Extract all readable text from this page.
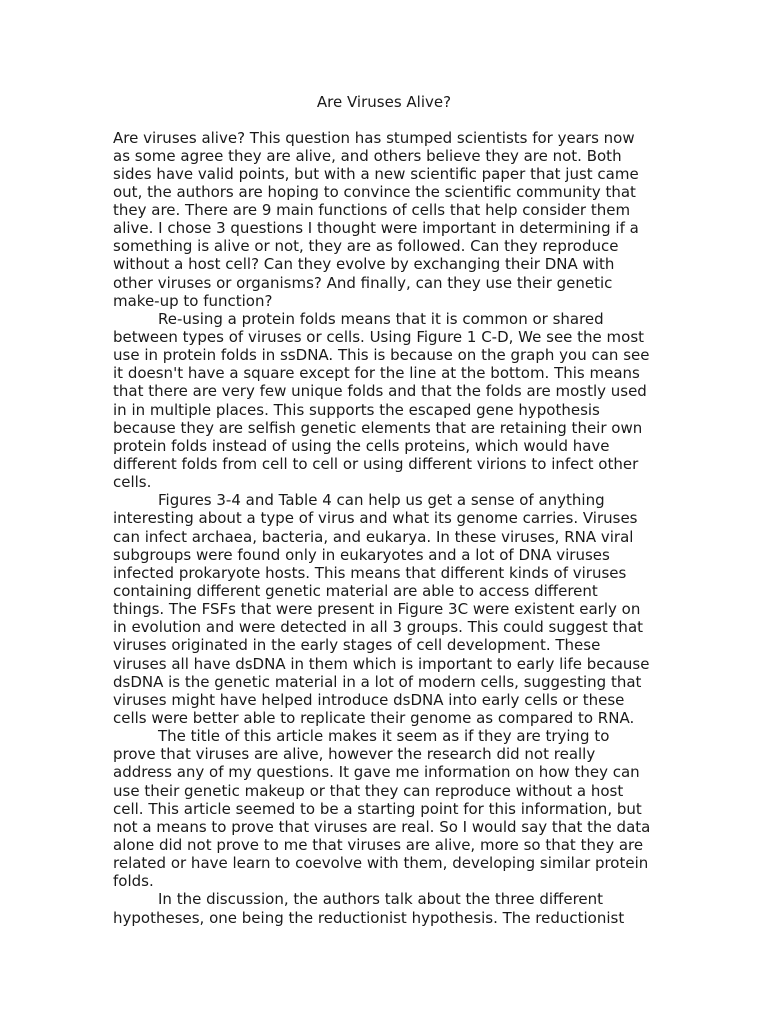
Are Viruses Alive?
Are viruses alive? This question has stumped scientists for years now
as some agree they are alive, and others believe they are not. Both
sides have valid points, but with a new scientific paper that just came
out, the authors are hoping to convince the scientific community that
they are. There are 9 main functions of cells that help consider them
alive. I chose 3 questions I thought were important in determining if a
something is alive or not, they are as followed. Can they reproduce
without a host cell? Can they evolve by exchanging their DNA with
other viruses or organisms? And finally, can they use their genetic
make-up to function?
Re-using a protein folds means that it is common or shared
between types of viruses or cells. Using Figure 1 C-D, We see the most
use in protein folds in ssDNA. This is because on the graph you can see
it doesn't have a square except for the line at the bottom. This means
that there are very few unique folds and that the folds are mostly used
in in multiple places. This supports the escaped gene hypothesis
because they are selfish genetic elements that are retaining their own
protein folds instead of using the cells proteins, which would have
different folds from cell to cell or using different virions to infect other
cells.
Figures 3-4 and Table 4 can help us get a sense of anything
interesting about a type of virus and what its genome carries. Viruses
can infect archaea, bacteria, and eukarya. In these viruses, RNA viral
subgroups were found only in eukaryotes and a lot of DNA viruses
infected prokaryote hosts. This means that different kinds of viruses
containing different genetic material are able to access different
things. The FSFs that were present in Figure 3C were existent early on
in evolution and were detected in all 3 groups. This could suggest that
viruses originated in the early stages of cell development. These
viruses all have dsDNA in them which is important to early life because
dsDNA is the genetic material in a lot of modern cells, suggesting that
viruses might have helped introduce dsDNA into early cells or these
cells were better able to replicate their genome as compared to RNA.
The title of this article makes it seem as if they are trying to
prove that viruses are alive, however the research did not really
address any of my questions. It gave me information on how they can
use their genetic makeup or that they can reproduce without a host
cell. This article seemed to be a starting point for this information, but
not a means to prove that viruses are real. So I would say that the data
alone did not prove to me that viruses are alive, more so that they are
related or have learn to coevolve with them, developing similar protein
folds.
In the discussion, the authors talk about the three different
hypotheses, one being the reductionist hypothesis. The reductionist
